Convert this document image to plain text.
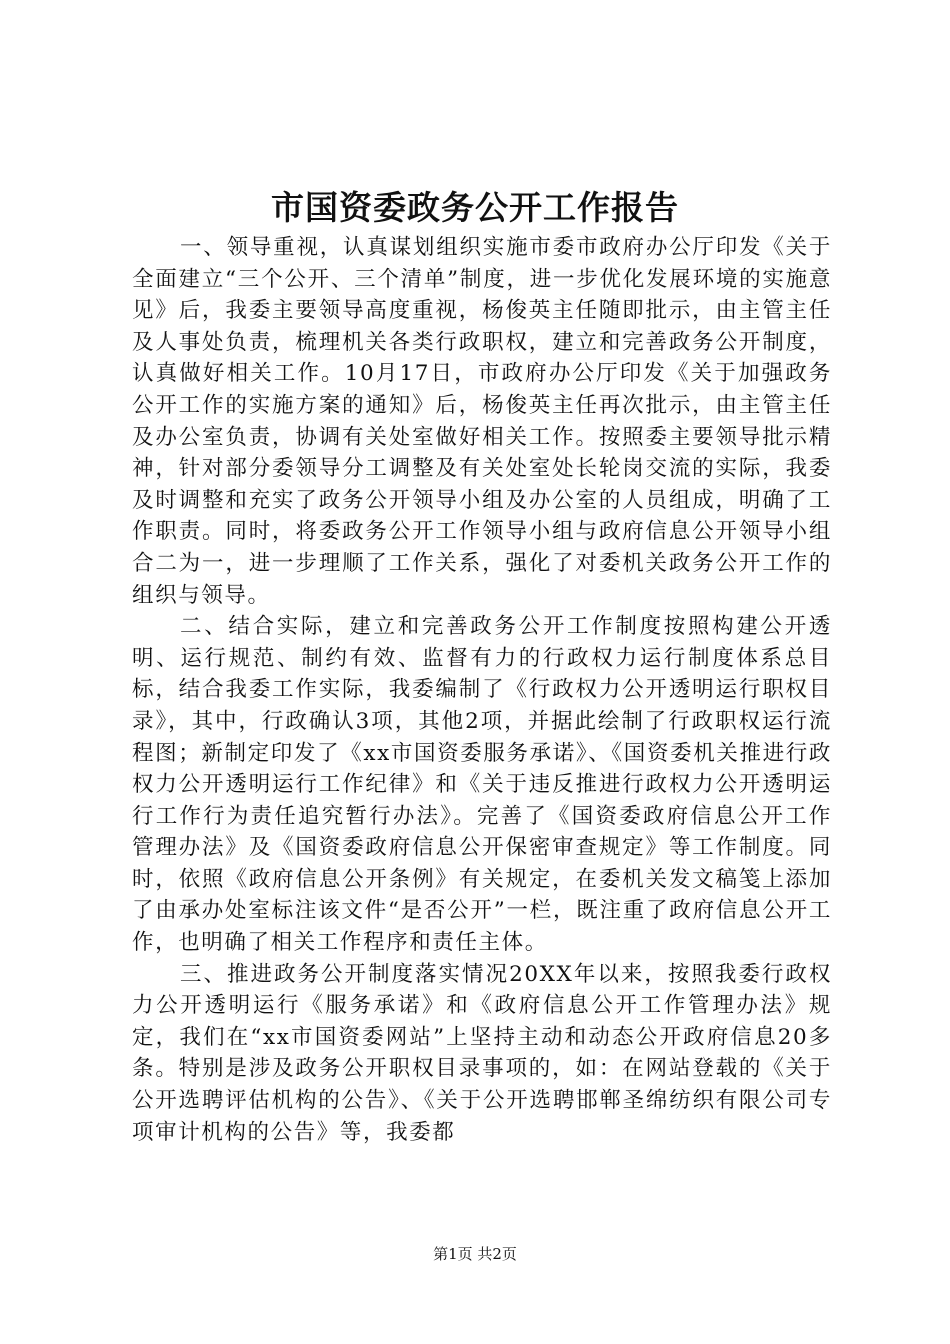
市国资委政务公开工作报告

一、领导重视，认真谋划组织实施市委市政府办公厅印发《关于全面建立“三个公开、三个清单”制度，进一步优化发展环境的实施意见》后，我委主要领导高度重视，杨俊英主任随即批示，由主管主任及人事处负责，梳理机关各类行政职权，建立和完善政务公开制度，认真做好相关工作。10月17日，市政府办公厅印发《关于加强政务公开工作的实施方案的通知》后，杨俊英主任再次批示，由主管主任及办公室负责，协调有关处室做好相关工作。按照委主要领导批示精神，针对部分委领导分工调整及有关处室处长轮岗交流的实际，我委及时调整和充实了政务公开领导小组及办公室的人员组成，明确了工作职责。同时，将委政务公开工作领导小组与政府信息公开领导小组合二为一，进一步理顺了工作关系，强化了对委机关政务公开工作的组织与领导。

二、结合实际，建立和完善政务公开工作制度按照构建公开透明、运行规范、制约有效、监督有力的行政权力运行制度体系总目标，结合我委工作实际，我委编制了《行政权力公开透明运行职权目录》，其中，行政确认3项，其他2项，并据此绘制了行政职权运行流程图；新制定印发了《xx市国资委服务承诺》、《国资委机关推进行政权力公开透明运行工作纪律》和《关于违反推进行政权力公开透明运行工作行为责任追究暂行办法》。完善了《国资委政府信息公开工作管理办法》及《国资委政府信息公开保密审查规定》等工作制度。同时，依照《政府信息公开条例》有关规定，在委机关发文稿笺上添加了由承办处室标注该文件“是否公开”一栏，既注重了政府信息公开工作，也明确了相关工作程序和责任主体。

三、推进政务公开制度落实情况20XX年以来，按照我委行政权力公开透明运行《服务承诺》和《政府信息公开工作管理办法》规定，我们在“xx市国资委网站”上坚持主动和动态公开政府信息20多条。特别是涉及政务公开职权目录事项的，如：在网站登载的《关于公开选聘评估机构的公告》、《关于公开选聘邯郸圣绵纺织有限公司专项审计机构的公告》等，我委都

第1页 共2页
